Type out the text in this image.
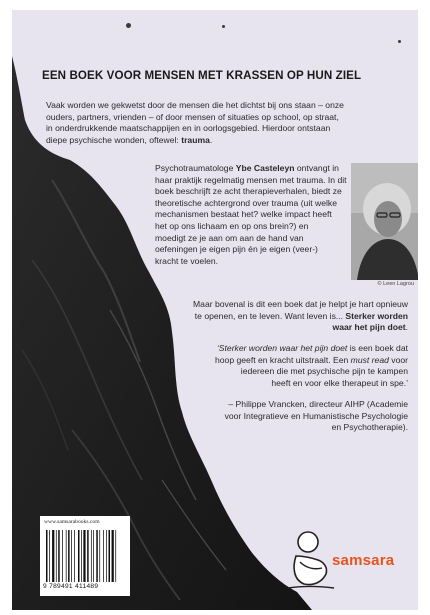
EEN BOEK VOOR MENSEN MET KRASSEN OP HUN ZIEL

Vaak worden we gekwetst door de mensen die het dichtst bij ons staan – onze

ouders, partners, vrienden – of door mensen of situaties op school, op straat,

in onderdrukkende maatschappijen en in oorlogsgebied. Hierdoor ontstaan

diepe psychische wonden, oftewel: trauma.

Psychotraumatologe Ybe Casteleyn ontvangt in

haar praktijk regelmatig mensen met trauma. In dit

boek beschrijft ze acht therapieverhalen, biedt ze

theoretische achtergrond over trauma (uit welke

mechanismen bestaat het? welke impact heeft

het op ons lichaam en op ons brein?) en

moedigt ze je aan om aan de hand van

oefeningen je eigen pijn én je eigen (veer-)

kracht te voelen.

© Leen Lagrou

Maar bovenal is dit een boek dat je helpt je hart opnieuw

te openen, en te leven. Want leven is... Sterker worden

waar het pijn doet.

‘Sterker worden waar het pijn doet is een boek dat

hoop geeft en kracht uitstraalt. Een must read voor

iedereen die met psychische pijn te kampen

heeft en voor elke therapeut in spe.’

– Philippe Vrancken, directeur AIHP (Academie

voor Integratieve en Humanistische Psychologie

en Psychotherapie).

www.samsarabooks.com
9 789491 411489
samsara
